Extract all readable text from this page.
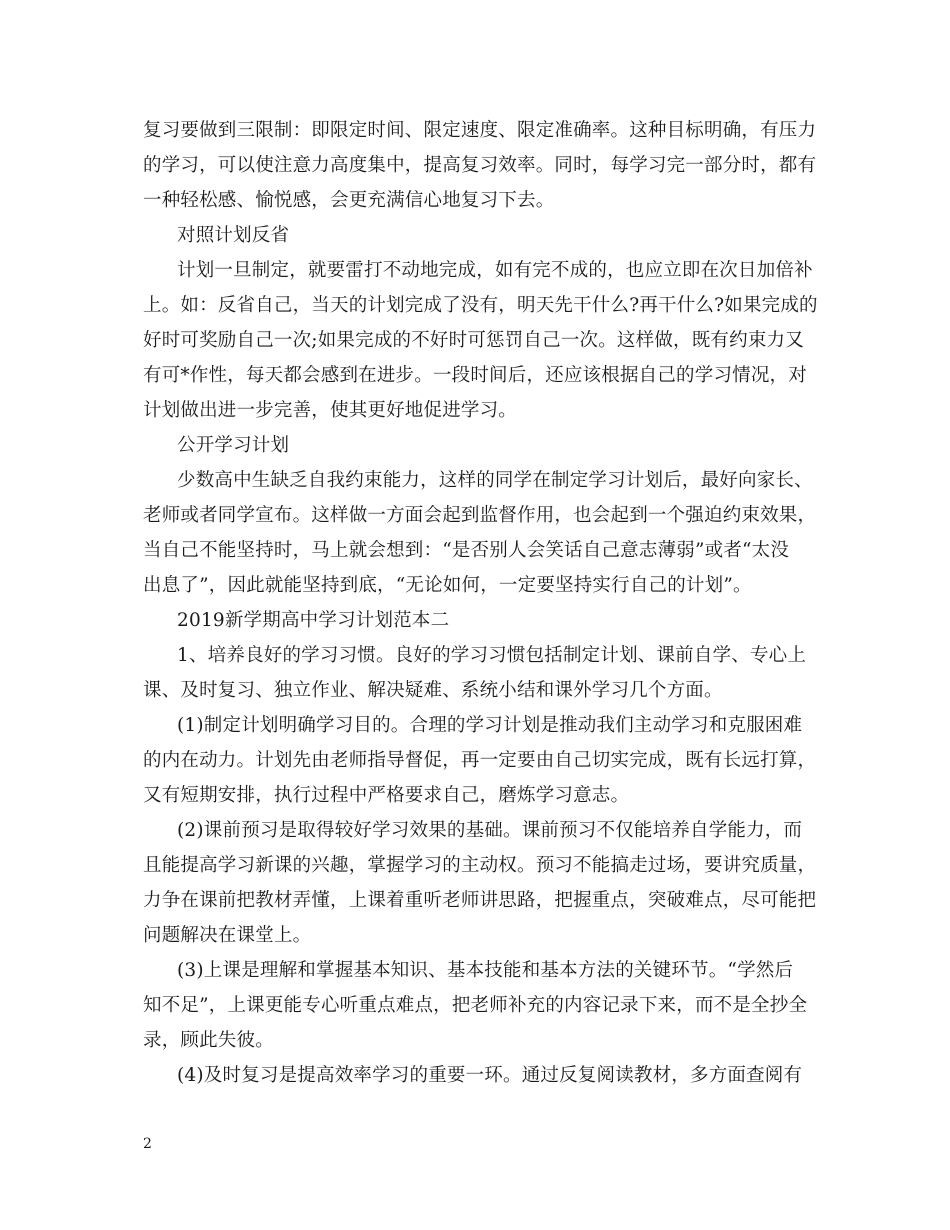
复习要做到三限制：即限定时间、限定速度、限定准确率。这种目标明确，有压力
的学习，可以使注意力高度集中，提高复习效率。同时，每学习完一部分时，都有
一种轻松感、愉悦感，会更充满信心地复习下去。
对照计划反省
计划一旦制定，就要雷打不动地完成，如有完不成的，也应立即在次日加倍补
上。如：反省自己，当天的计划完成了没有，明天先干什么?再干什么?如果完成的
好时可奖励自己一次;如果完成的不好时可惩罚自己一次。这样做，既有约束力又
有可*作性，每天都会感到在进步。一段时间后，还应该根据自己的学习情况，对
计划做出进一步完善，使其更好地促进学习。
公开学习计划
少数高中生缺乏自我约束能力，这样的同学在制定学习计划后，最好向家长、
老师或者同学宣布。这样做一方面会起到监督作用，也会起到一个强迫约束效果，
当自己不能坚持时，马上就会想到：“是否别人会笑话自己意志薄弱”或者“太没
出息了”，因此就能坚持到底，“无论如何，一定要坚持实行自己的计划”。
2019新学期高中学习计划范本二
1、培养良好的学习习惯。良好的学习习惯包括制定计划、课前自学、专心上
课、及时复习、独立作业、解决疑难、系统小结和课外学习几个方面。
(1)制定计划明确学习目的。合理的学习计划是推动我们主动学习和克服困难
的内在动力。计划先由老师指导督促，再一定要由自己切实完成，既有长远打算，
又有短期安排，执行过程中严格要求自己，磨炼学习意志。
(2)课前预习是取得较好学习效果的基础。课前预习不仅能培养自学能力，而
且能提高学习新课的兴趣，掌握学习的主动权。预习不能搞走过场，要讲究质量，
力争在课前把教材弄懂，上课着重听老师讲思路，把握重点，突破难点，尽可能把
问题解决在课堂上。
(3)上课是理解和掌握基本知识、基本技能和基本方法的关键环节。“学然后
知不足”，上课更能专心听重点难点，把老师补充的内容记录下来，而不是全抄全
录，顾此失彼。
(4)及时复习是提高效率学习的重要一环。通过反复阅读教材，多方面查阅有
2
